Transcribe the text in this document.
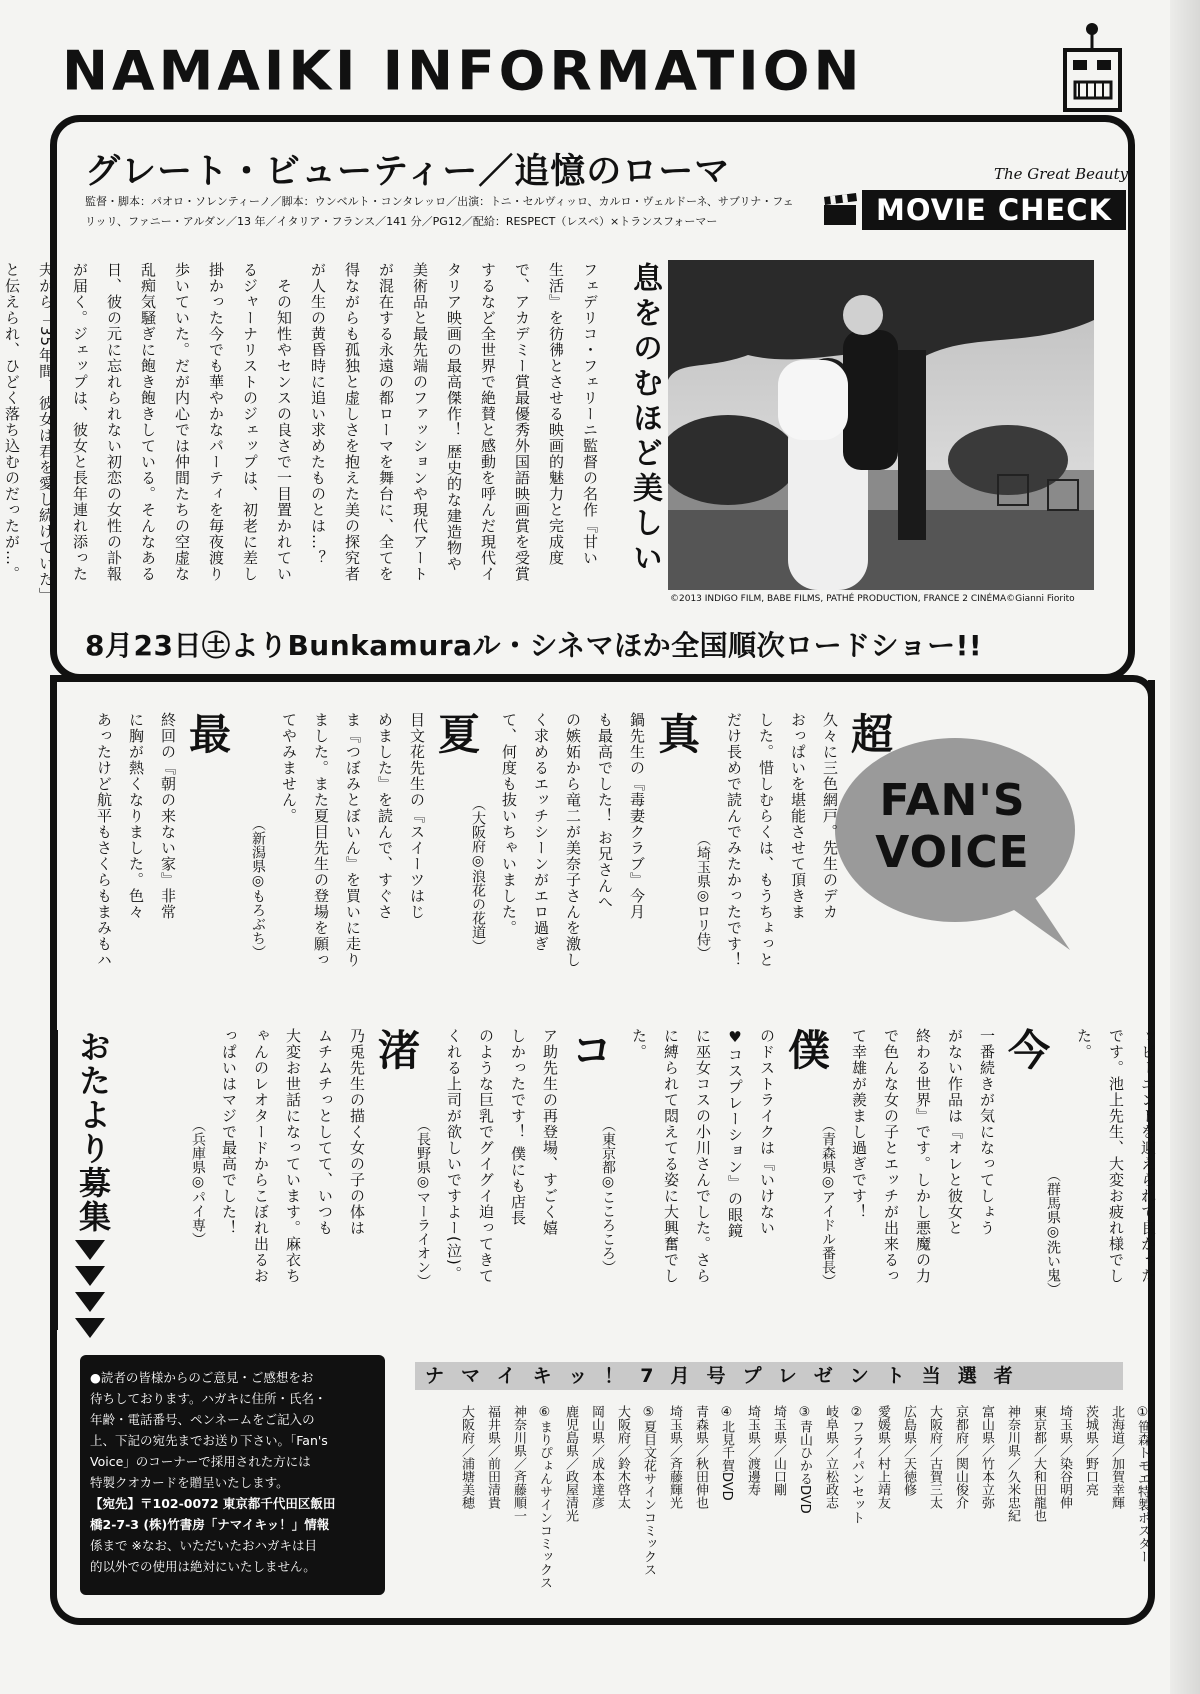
NAMAIKI INFORMATION
グレート・ビューティー／追憶のローマ	The Great Beauty
MOVIE CHECK
監督・脚本：パオロ・ソレンティーノ／脚本：ウンベルト・コンタレッロ／出演：トニ・セルヴィッロ、カルロ・ヴェルドーネ、サブリナ・フェ
リッリ、ファニー・アルダン／13 年／イタリア・フランス／141 分／PG12／配給：RESPECT（レスペ）×トランスフォーマー
息をのむほど美しい
フェデリコ・フェリーニ監督の名作『甘い
生活』を彷彿とさせる映画的魅力と完成度
で、アカデミー賞最優秀外国語映画賞を受賞
するなど全世界で絶賛と感動を呼んだ現代イ
タリア映画の最高傑作！ 歴史的な建造物や
美術品と最先端のファッションや現代アート
が混在する永遠の都ローマを舞台に、全てを
得ながらも孤独と虚しさを抱えた美の探究者
が人生の黄昏時に追い求めたものとは…？
　その知性やセンスの良さで一目置かれてい
るジャーナリストのジェップは、初老に差し
掛かった今でも華やかなパーティを毎夜渡り
歩いていた。だが内心では仲間たちの空虚な
乱痴気騒ぎに飽き飽きしている。そんなある
日、彼の元に忘れられない初恋の女性の訃報
が届く。ジェップは、彼女と長年連れ添った
夫から「35年間、彼女は君を愛し続けていた」
と伝えられ、ひどく落ち込むのだったが…。
©2013 INDIGO FILM, BABE FILMS, PATHÉ PRODUCTION, FRANCE 2 CINÉMA©Gianni Fiorito
8月23日㊏よりBunkamuraル・シネマほか全国順次ロードショー!!
FAN'S
VOICE
超
久々に三色網戸。先生のデカ
おっぱいを堪能させて頂きま
した。惜しむらくは、もうちょっと
だけ長めで読んでみたかったです！
（埼玉県◎ロリ侍）
真
鍋先生の『毒妻クラブ』今月
も最高でした！ お兄さんへ
の嫉妬から竜二が美奈子さんを激し
く求めるエッチシーンがエロ過ぎ
て、何度も抜いちゃいました。
（大阪府◎浪花の花道）
夏
目文花先生の『スイーツはじ
めました』を読んで、すぐさ
ま『つぼみとぼいん』を買いに走り
ました。また夏目先生の登場を願っ
てやみません。
（新潟県◎もろぶち）
最
終回の『朝の来ない家』非常
に胸が熱くなりました。色々
あったけど航平もさくらもまみもハ
ッピーエンドを迎えられて良かった
です。池上先生、大変お疲れ様でし
た。
（群馬県◎洗い鬼）
今
一番続きが気になってしょう
がない作品は『オレと彼女と
終わる世界』です。しかし悪魔の力
で色んな女の子とエッチが出来るっ
て幸雄が羨まし過ぎです！
（青森県◎アイドル番長）
僕
のドストライクは『いけない
♥コスプレーション』の眼鏡
に巫女コスの小川さんでした。さら
に縛られて悶えてる姿に大興奮でし
た。
（東京都◎こころころ）
コ
ア助先生の再登場、すごく嬉
しかったです！ 僕にも店長
のような巨乳でグイグイ迫ってきて
くれる上司が欲しいですよー(泣)。
（長野県◎マーライオン）
渚
乃兎先生の描く女の子の体は
ムチムチっとしてて、いつも
大変お世話になっています。麻衣ち
ゃんのレオタードからこぼれ出るお
っぱいはマジで最高でした！
（兵庫県◎パイ専）
おたより募集

●読者の皆様からのご意見・ご感想をお

待ちしております。ハガキに住所・氏名・

年齢・電話番号、ペンネームをご記入の

上、下記の宛先までお送り下さい。「Fan's

Voice」のコーナーで採用された方には

特製クオカードを贈呈いたします。

【宛先】〒102-0072 東京都千代田区飯田

橋2-7-3 (株)竹書房「ナマイキッ！」情報

係まで ※なお、いただいたおハガキは目

的以外での使用は絶対にいたしません。

ナマイキッ！7月号プレゼント当選者
①笹森トモエ特製ポスター
北海道／加賀幸輝
茨城県／野口亮
埼玉県／染谷明伸
東京都／大和田龍也
神奈川県／久米忠紀
富山県／竹本立弥
京都府／関山俊介
大阪府／古賀三太
広島県／天徳修
愛媛県／村上靖友
②フライパンセット
岐阜県／立松政志
③青山ひかるDVD
埼玉県／山口剛
埼玉県／渡邊寿
④北見千賀DVD
青森県／秋田伸也
埼玉県／斉藤輝光
⑤夏目文花サインコミックス
大阪府／鈴木啓太
岡山県／成本達彦
鹿児島県／政屋清光
⑥まりぴょんサインコミックス
神奈川県／斉藤順一
福井県／前田清貴
大阪府／浦塘美穂
